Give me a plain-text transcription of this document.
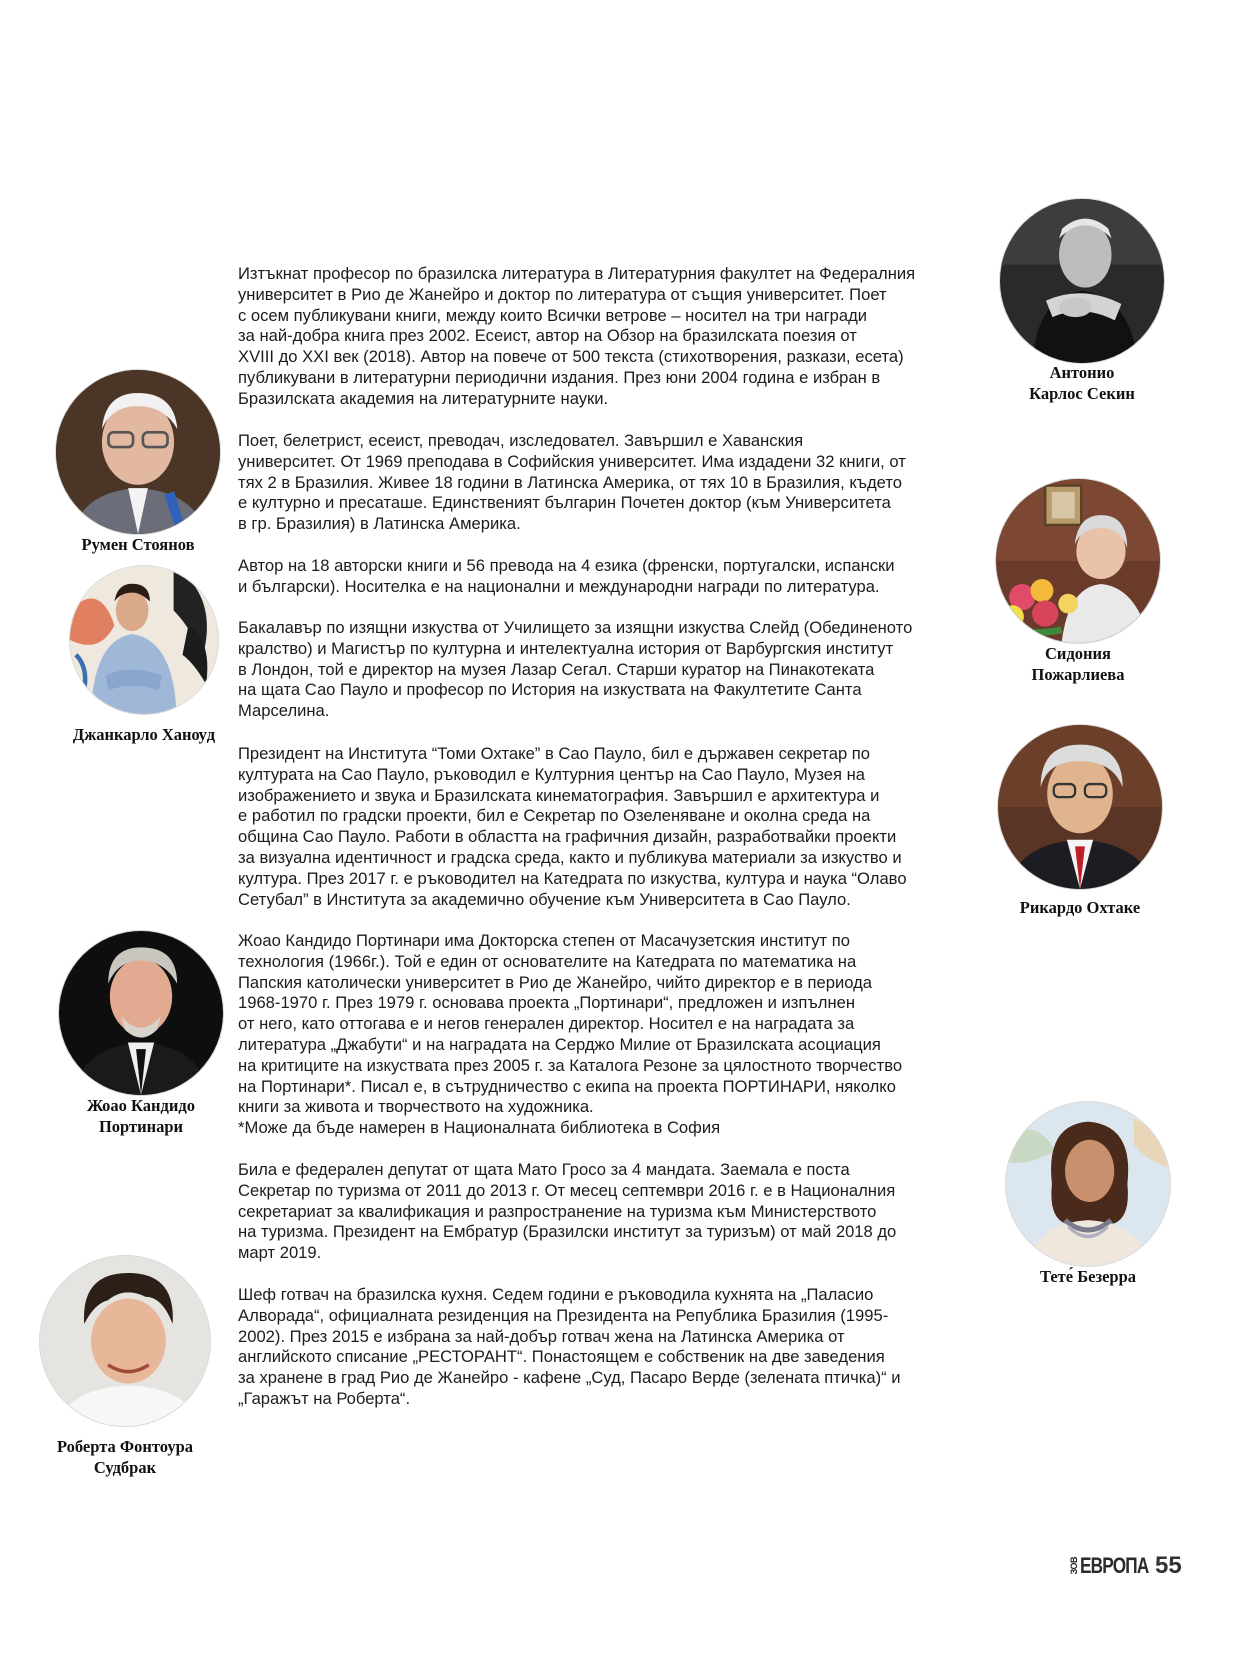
Изтъкнат професор по бразилска литература в Литературния факултет на Федералния
университет в Рио де Жанейро и доктор по литература от същия университет. Поет
с осем публикувани книги, между които Всички ветрове – носител на три награди
за най-добра книга през 2002. Есеист, автор на Обзор на бразилската поезия от
XVIII до XXI век (2018). Автор на повече от 500 текста (стихотворения, разкази, есета)
публикувани в литературни периодични издания. През юни 2004 година е избран в
Бразилската академия на литературните науки.
Поет, белетрист, есеист, преводач, изследовател. Завършил е Хаванския
университет. От 1969 преподава в Софийския университет. Има издадени 32 книги, от
тях 2 в Бразилия. Живее 18 години в Латинска Америка, от тях 10 в Бразилия, където
е културно и пресаташе. Единственият българин Почетен доктор (към Университета
в гр. Бразилия) в Латинска Америка.
Автор на 18 авторски книги и 56 превода на 4 езика (френски, португалски, испански
и български). Носителка е на национални и международни награди по литература.
Бакалавър по изящни изкуства от Училището за изящни изкуства Слейд (Обединеното
кралство) и Магистър по културна и интелектуална история от Варбургския институт
в Лондон, той е директор на музея Лазар Сегал. Старши куратор на Пинакотеката
на щата Сао Пауло и професор по История на изкуствата на Факултетите Санта
Марселина.
Президент на Института “Томи Охтаке” в Сао Пауло, бил е държавен секретар по
културата на Сао Пауло, ръководил е Културния център на Сао Пауло, Музея на
изображението и звука и Бразилската кинематография. Завършил е архитектура и
е работил по градски проекти, бил е Секретар по Озеленяване и околна среда на
община Сао Пауло. Работи в областта на графичния дизайн, разработвайки проекти
за визуална идентичност и градска среда, както и публикува материали за изкуство и
култура. През 2017 г. е ръководител на Катедрата по изкуства, култура и наука “Олаво
Сетубал” в Института за академично обучение към Университета в Сао Пауло.
Жоао Кандидо Портинари има Докторска степен от Масачузетския институт по
технология (1966г.). Той е един от основателите на Катедрата по математика на
Папския католически университет в Рио де Жанейро, чийто директор е в периода
1968-1970 г. През 1979 г. основава проекта „Портинари“, предложен и изпълнен
от него, като оттогава е и негов генерален директор. Носител е на наградата за
литература „Джабути“ и на наградата на Серджо Милие от Бразилската асоциация
на критиците на изкуствата през 2005 г. за Каталога Резоне за цялостното творчество
на Портинари*. Писал е, в сътрудничество с екипа на проекта ПОРТИНАРИ, няколко
книги за живота и творчеството на художника.
*Може да бъде намерен в Националната библиотека в София
Била е федерален депутат от щата Мато Гросо за 4 мандата. Заемала е поста
Секретар по туризма от 2011 до 2013 г. От месец септември 2016 г. е в Националния
секретариат за квалификация и разпространение на туризма към Министерството
на туризма. Президент на Ембратур (Бразилски институт за туризъм) от май 2018 до
март 2019.
Шеф готвач на бразилска кухня. Седем години е ръководила кухнята на „Паласио
Алворада“, официалната резиденция на Президента на Република Бразилия (1995-
2002). През 2015 е избрана за най-добър готвач жена на Латинска Америка от
английското списание „РЕСТОРАНТ“. Понастоящем е собственик на две заведения
за хранене в град Рио де Жанейро - кафене „Суд, Пасаро Верде (зелената птичка)“ и
„Гаражът на Роберта“.
Антонио
Карлос Секин
Румен Стоянов
Сидония
Пожарлиева
Джанкарло Ханѹд
Рикардо Охтаке
Жоао Кандидо
Портинари
Тете́ Безерра
Роберта Фонтоура
Судбрак
ЗОВ ЕВРОПА 55
